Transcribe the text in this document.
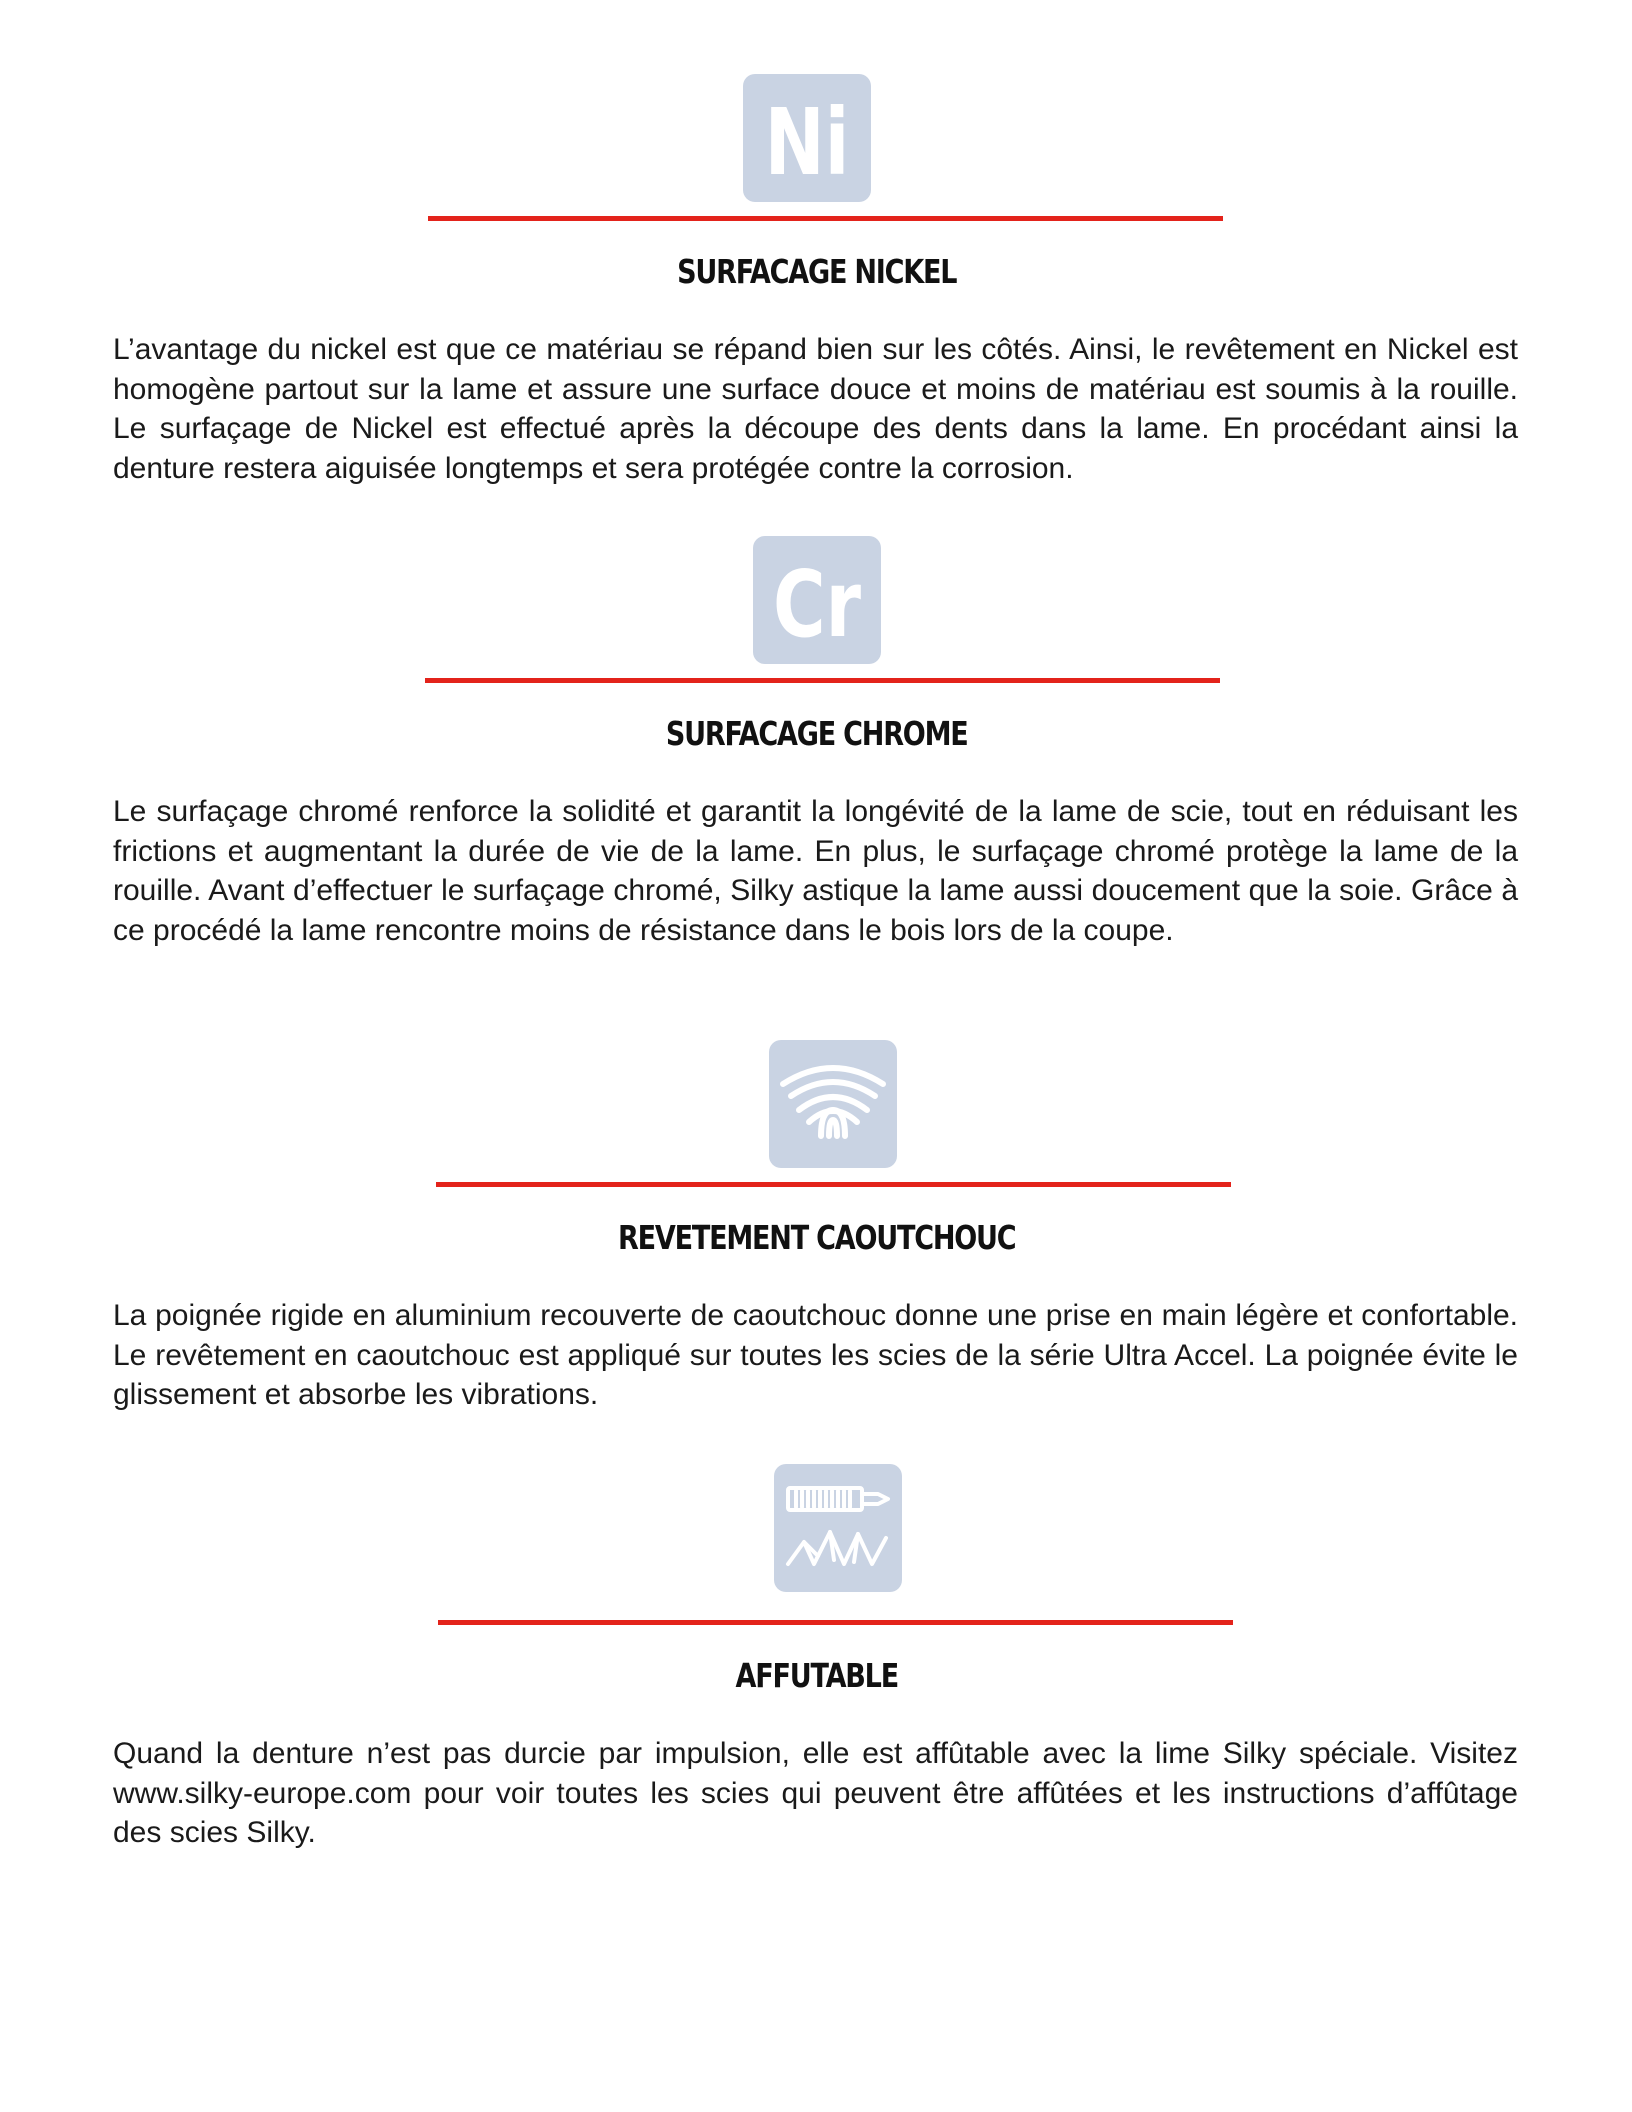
Ni
SURFACAGE NICKEL

L’avantage du nickel est que ce matériau se répand bien sur les côtés. Ainsi, le revêtement en Nickel est homogène partout sur la lame et assure une surface douce et moins de matériau est soumis à la rouille. Le surfaçage de Nickel est effectué après la découpe des dents dans la lame. En procédant ainsi la denture restera aiguisée longtemps et sera protégée contre la corrosion.

Cr
SURFACAGE CHROME

Le surfaçage chromé renforce la solidité et garantit la longévité de la lame de scie, tout en réduisant les frictions et augmentant la durée de vie de la lame. En plus, le surfaçage chromé protège la lame de la rouille. Avant d’effectuer le surfaçage chromé, Silky astique la lame aussi doucement que la soie. Grâce à ce procédé la lame rencontre moins de résistance dans le bois lors de la coupe.

REVETEMENT CAOUTCHOUC

La poignée rigide en aluminium recouverte de caoutchouc donne une prise en main légère et confortable. Le revêtement en caoutchouc est appliqué sur toutes les scies de la série Ultra Accel. La poignée évite le glissement et absorbe les vibrations.

AFFUTABLE

Quand la denture n’est pas durcie par impulsion, elle est affûtable avec la lime Silky spéciale. Visitez www.silky-europe.com pour voir toutes les scies qui peuvent être affûtées et les instructions d’affûtage des scies Silky.
